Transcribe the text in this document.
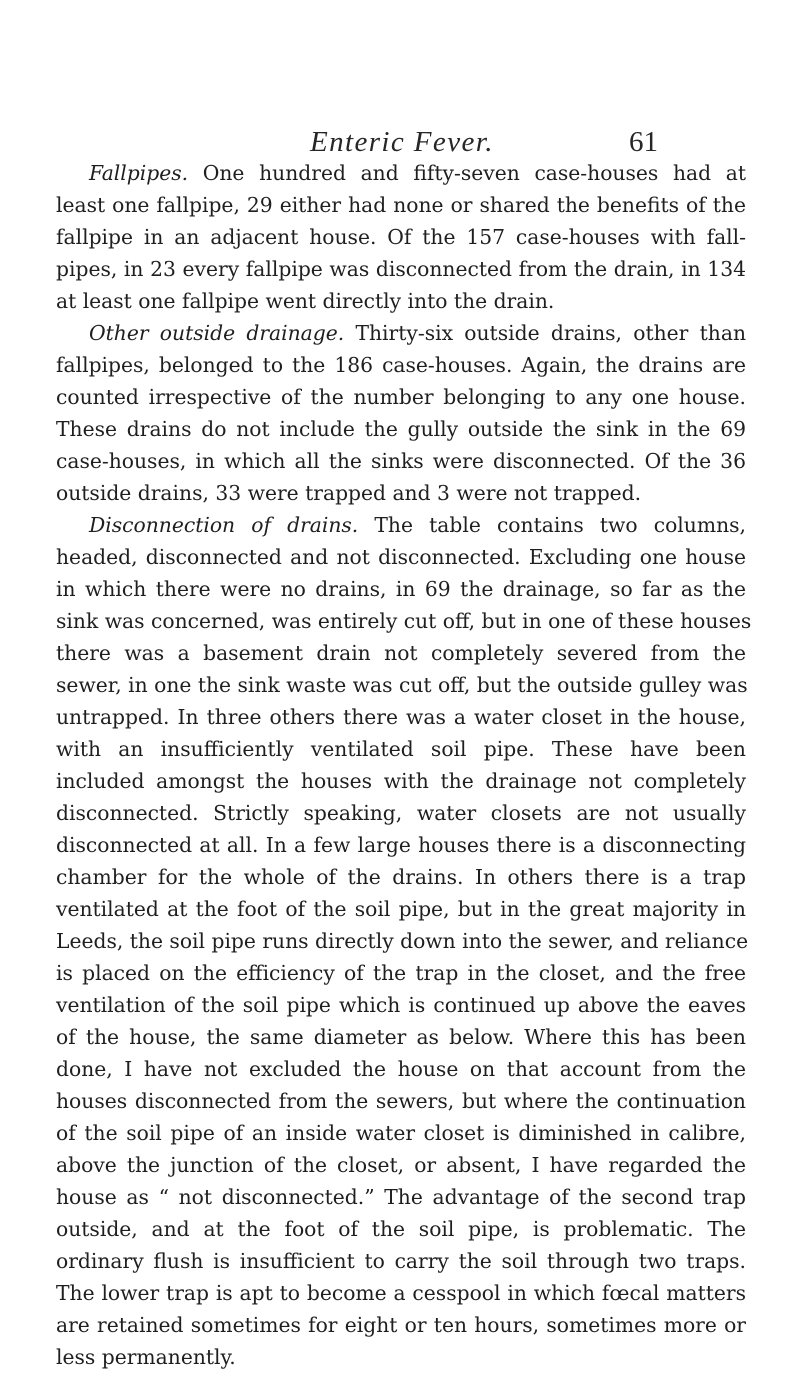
Enteric Fever.	61
Fallpipes. One hundred and fifty-seven case-houses had at
least one fallpipe, 29 either had none or shared the benefits of the
fallpipe in an adjacent house. Of the 157 case-houses with fall-
pipes, in 23 every fallpipe was disconnected from the drain, in 134
at least one fallpipe went directly into the drain.
Other outside drainage. Thirty-six outside drains, other than
fallpipes, belonged to the 186 case-houses. Again, the drains are
counted irrespective of the number belonging to any one house.
These drains do not include the gully outside the sink in the 69
case-houses, in which all the sinks were disconnected. Of the 36
outside drains, 33 were trapped and 3 were not trapped.
Disconnection of drains. The table contains two columns,
headed, disconnected and not disconnected. Excluding one house
in which there were no drains, in 69 the drainage, so far as the
sink was concerned, was entirely cut off, but in one of these houses
there was a basement drain not completely severed from the
sewer, in one the sink waste was cut off, but the outside gulley was
untrapped. In three others there was a water closet in the house,
with an insufficiently ventilated soil pipe. These have been
included amongst the houses with the drainage not completely
disconnected. Strictly speaking, water closets are not usually
disconnected at all. In a few large houses there is a disconnecting
chamber for the whole of the drains. In others there is a trap
ventilated at the foot of the soil pipe, but in the great majority in
Leeds, the soil pipe runs directly down into the sewer, and reliance
is placed on the efficiency of the trap in the closet, and the free
ventilation of the soil pipe which is continued up above the eaves
of the house, the same diameter as below. Where this has been
done, I have not excluded the house on that account from the
houses disconnected from the sewers, but where the continuation
of the soil pipe of an inside water closet is diminished in calibre,
above the junction of the closet, or absent, I have regarded the
house as “ not disconnected.” The advantage of the second trap
outside, and at the foot of the soil pipe, is problematic. The
ordinary flush is insufficient to carry the soil through two traps.
The lower trap is apt to become a cesspool in which fœcal matters
are retained sometimes for eight or ten hours, sometimes more or
less permanently.
